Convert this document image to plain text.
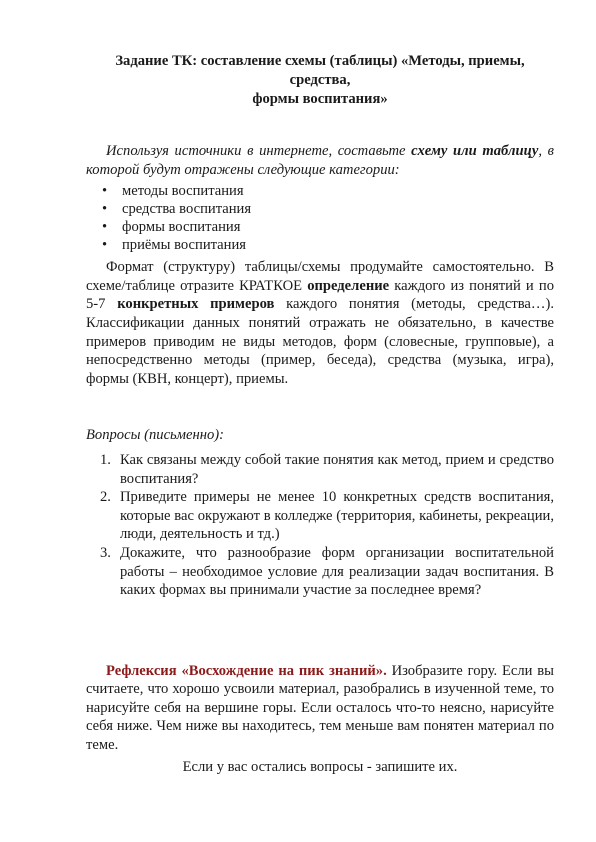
Задание ТК: составление схемы (таблицы) «Методы, приемы, средства,
формы воспитания»

Используя источники в интернете, составьте схему или таблицу, в которой будут отражены следующие категории:

• методы воспитания
• средства воспитания
• формы воспитания
• приёмы воспитания

Формат (структуру) таблицы/схемы продумайте самостоятельно. В схеме/таблице отразите КРАТКОЕ определение каждого из понятий и по 5-7 конкретных примеров каждого понятия (методы, средства…). Классификации данных понятий отражать не обязательно, в качестве примеров приводим не виды методов, форм (словесные, групповые), а непосредственно методы (пример, беседа), средства (музыка, игра), формы (КВН, концерт), приемы.

Вопросы (письменно):

1. Как связаны между собой такие понятия как метод, прием и средство воспитания?
2. Приведите примеры не менее 10 конкретных средств воспитания, которые вас окружают в колледже (территория, кабинеты, рекреации, люди, деятельность и тд.)
3. Докажите, что разнообразие форм организации воспитательной работы – необходимое условие для реализации задач воспитания. В каких формах вы принимали участие за последнее время?

Рефлексия «Восхождение на пик знаний». Изобразите гору. Если вы считаете, что хорошо усвоили материал, разобрались в изученной теме, то нарисуйте себя на вершине горы. Если осталось что-то неясно, нарисуйте себя ниже. Чем ниже вы находитесь, тем меньше вам понятен материал по теме.

Если у вас остались вопросы - запишите их.
